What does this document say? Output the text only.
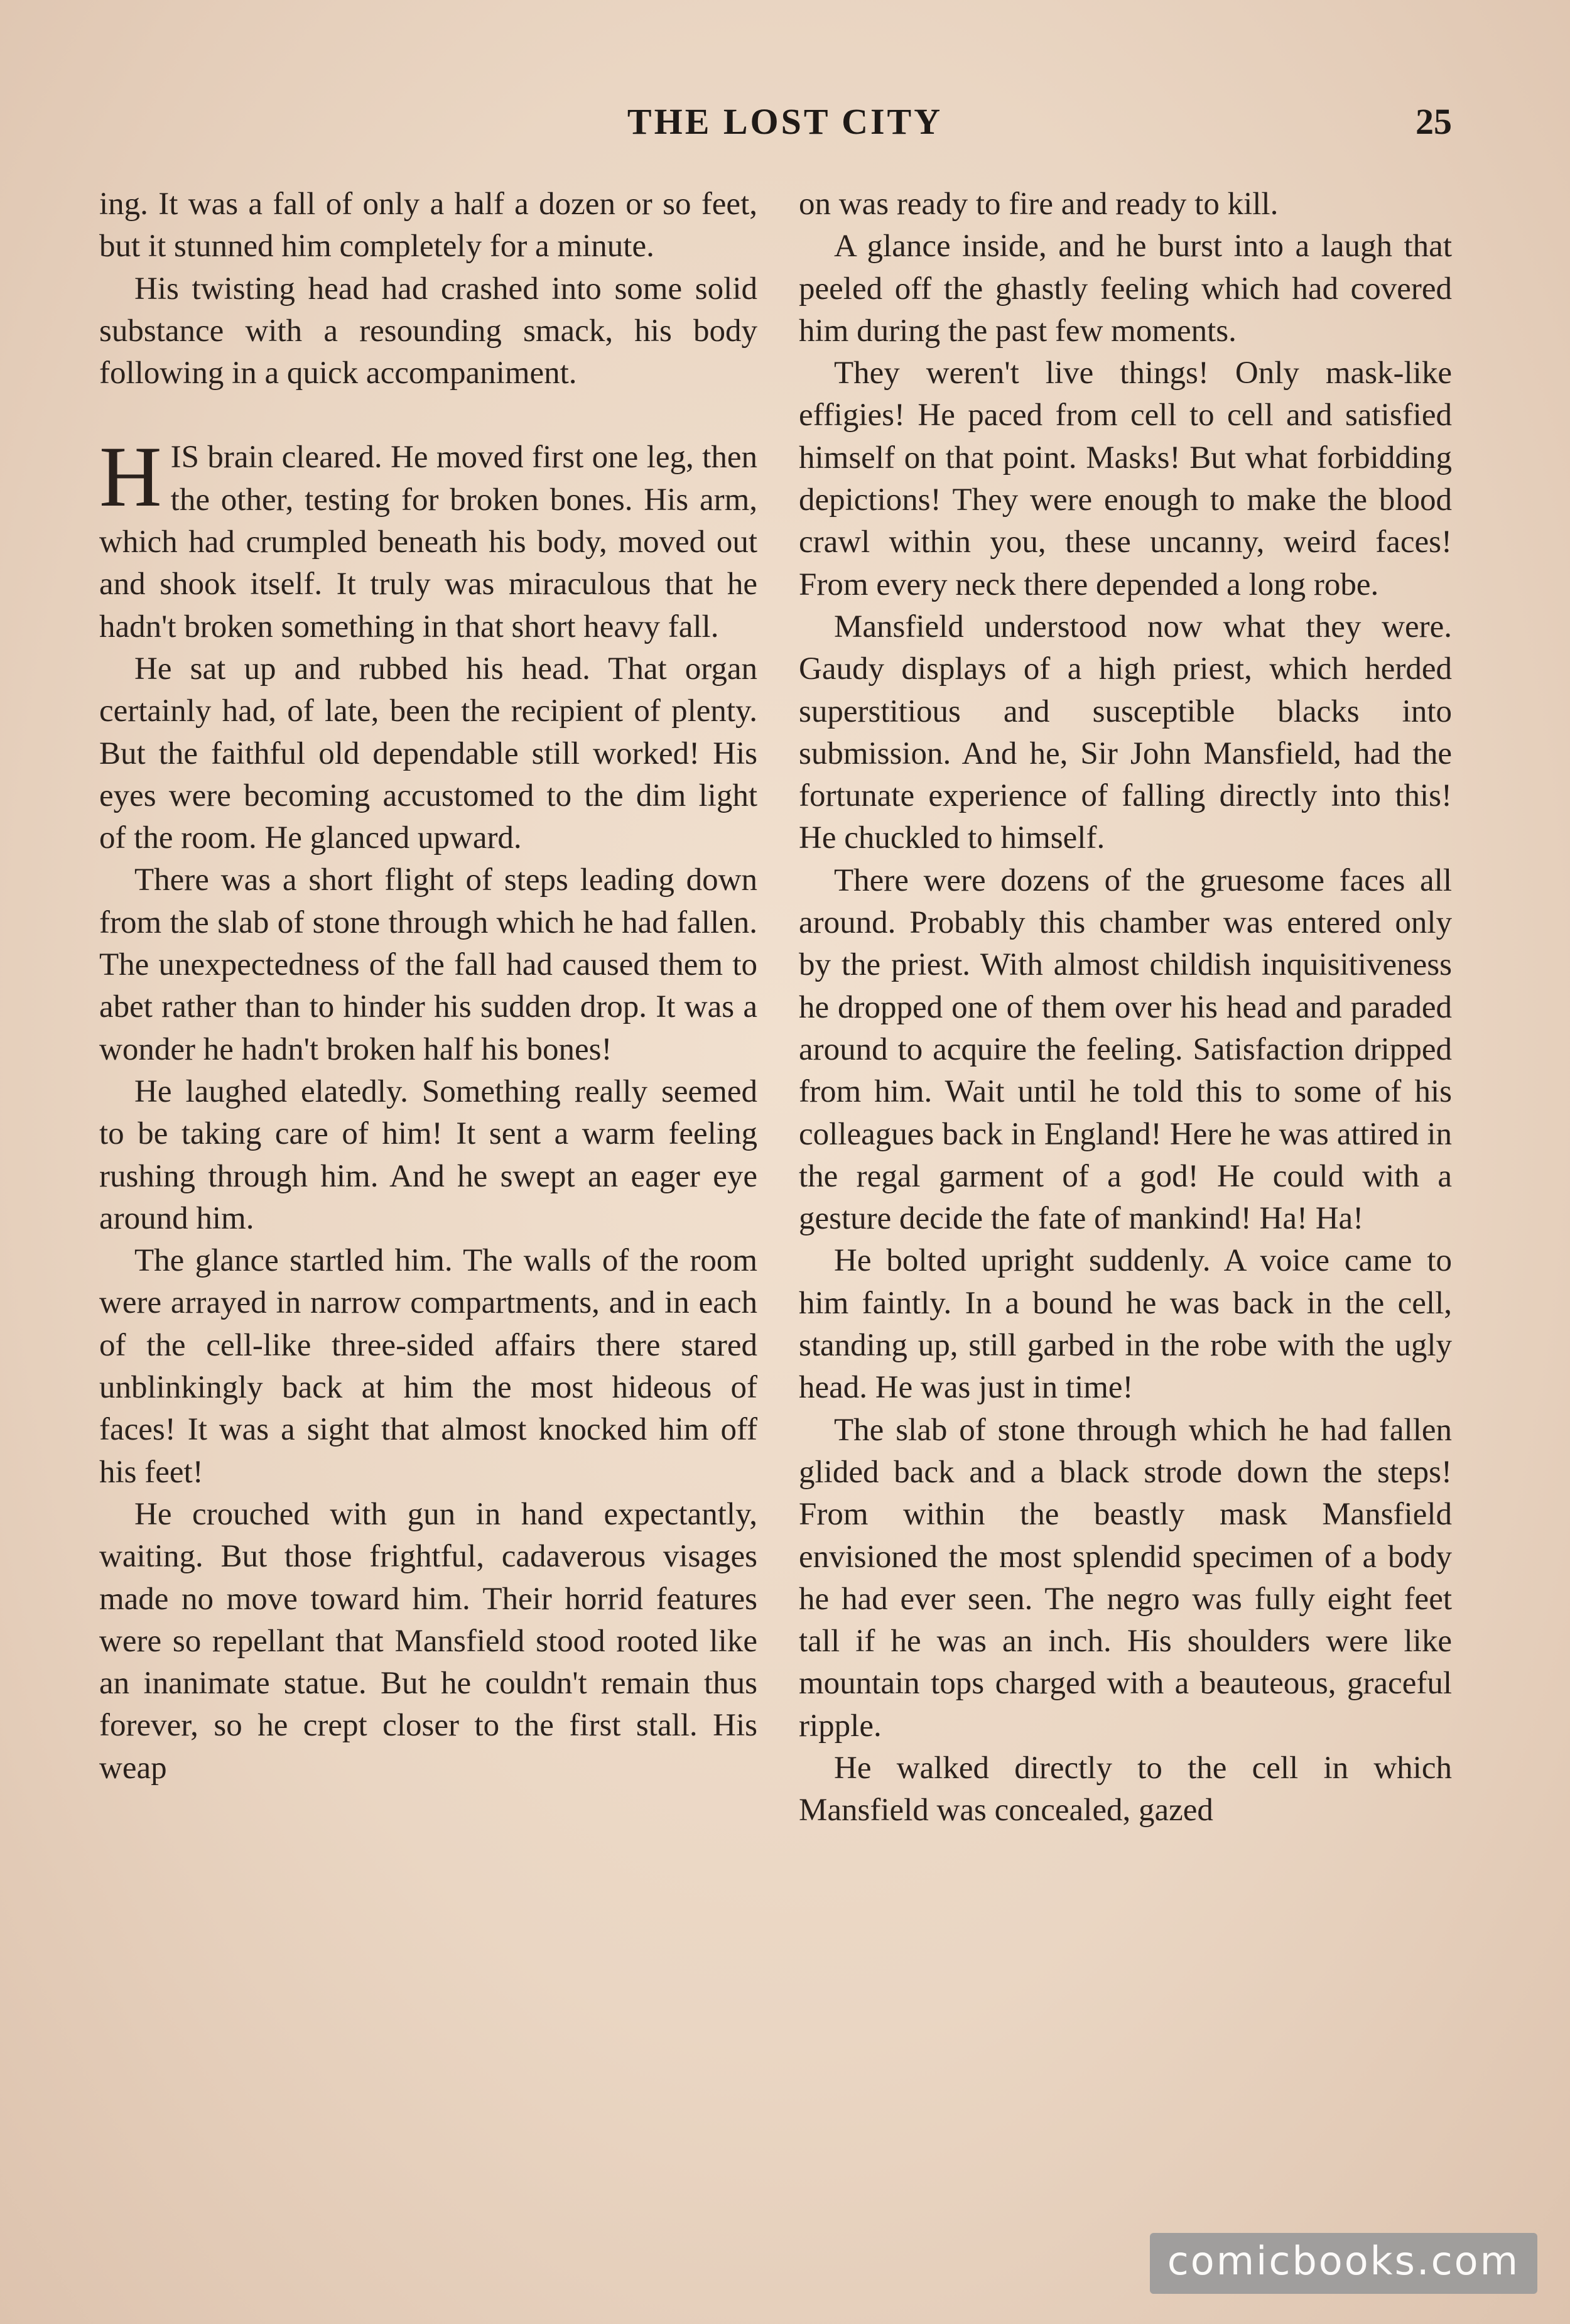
THE LOST CITY	25

ing. It was a fall of only a half a dozen or so feet, but it stunned him completely for a minute.

His twisting head had crashed into some solid substance with a resounding smack, his body following in a quick accompaniment.

HIS brain cleared. He moved first one leg, then the other, testing for broken bones. His arm, which had crumpled beneath his body, moved out and shook itself. It truly was miraculous that he hadn't broken something in that short heavy fall.

He sat up and rubbed his head. That organ certainly had, of late, been the recipient of plenty. But the faithful old dependable still worked! His eyes were becoming accustomed to the dim light of the room. He glanced upward.

There was a short flight of steps leading down from the slab of stone through which he had fallen. The unexpectedness of the fall had caused them to abet rather than to hinder his sudden drop. It was a wonder he hadn't broken half his bones!

He laughed elatedly. Something really seemed to be taking care of him! It sent a warm feeling rushing through him. And he swept an eager eye around him.

The glance startled him. The walls of the room were arrayed in narrow compartments, and in each of the cell-like three-sided affairs there stared unblinkingly back at him the most hideous of faces! It was a sight that almost knocked him off his feet!

He crouched with gun in hand expectantly, waiting. But those frightful, cadaverous visages made no move toward him. Their horrid features were so repellant that Mansfield stood rooted like an inanimate statue. But he couldn't remain thus forever, so he crept closer to the first stall. His weap

on was ready to fire and ready to kill.

A glance inside, and he burst into a laugh that peeled off the ghastly feeling which had covered him during the past few moments.

They weren't live things! Only mask-like effigies! He paced from cell to cell and satisfied himself on that point. Masks! But what forbidding depictions! They were enough to make the blood crawl within you, these uncanny, weird faces! From every neck there depended a long robe.

Mansfield understood now what they were. Gaudy displays of a high priest, which herded superstitious and susceptible blacks into submission. And he, Sir John Mansfield, had the fortunate experience of falling directly into this! He chuckled to himself.

There were dozens of the gruesome faces all around. Probably this chamber was entered only by the priest. With almost childish inquisitiveness he dropped one of them over his head and paraded around to acquire the feeling. Satisfaction dripped from him. Wait until he told this to some of his colleagues back in England! Here he was attired in the regal garment of a god! He could with a gesture decide the fate of mankind! Ha! Ha!

He bolted upright suddenly. A voice came to him faintly. In a bound he was back in the cell, standing up, still garbed in the robe with the ugly head. He was just in time!

The slab of stone through which he had fallen glided back and a black strode down the steps! From within the beastly mask Mansfield envisioned the most splendid specimen of a body he had ever seen. The negro was fully eight feet tall if he was an inch. His shoulders were like mountain tops charged with a beauteous, graceful ripple.

He walked directly to the cell in which Mansfield was concealed, gazed

comicbooks.com
